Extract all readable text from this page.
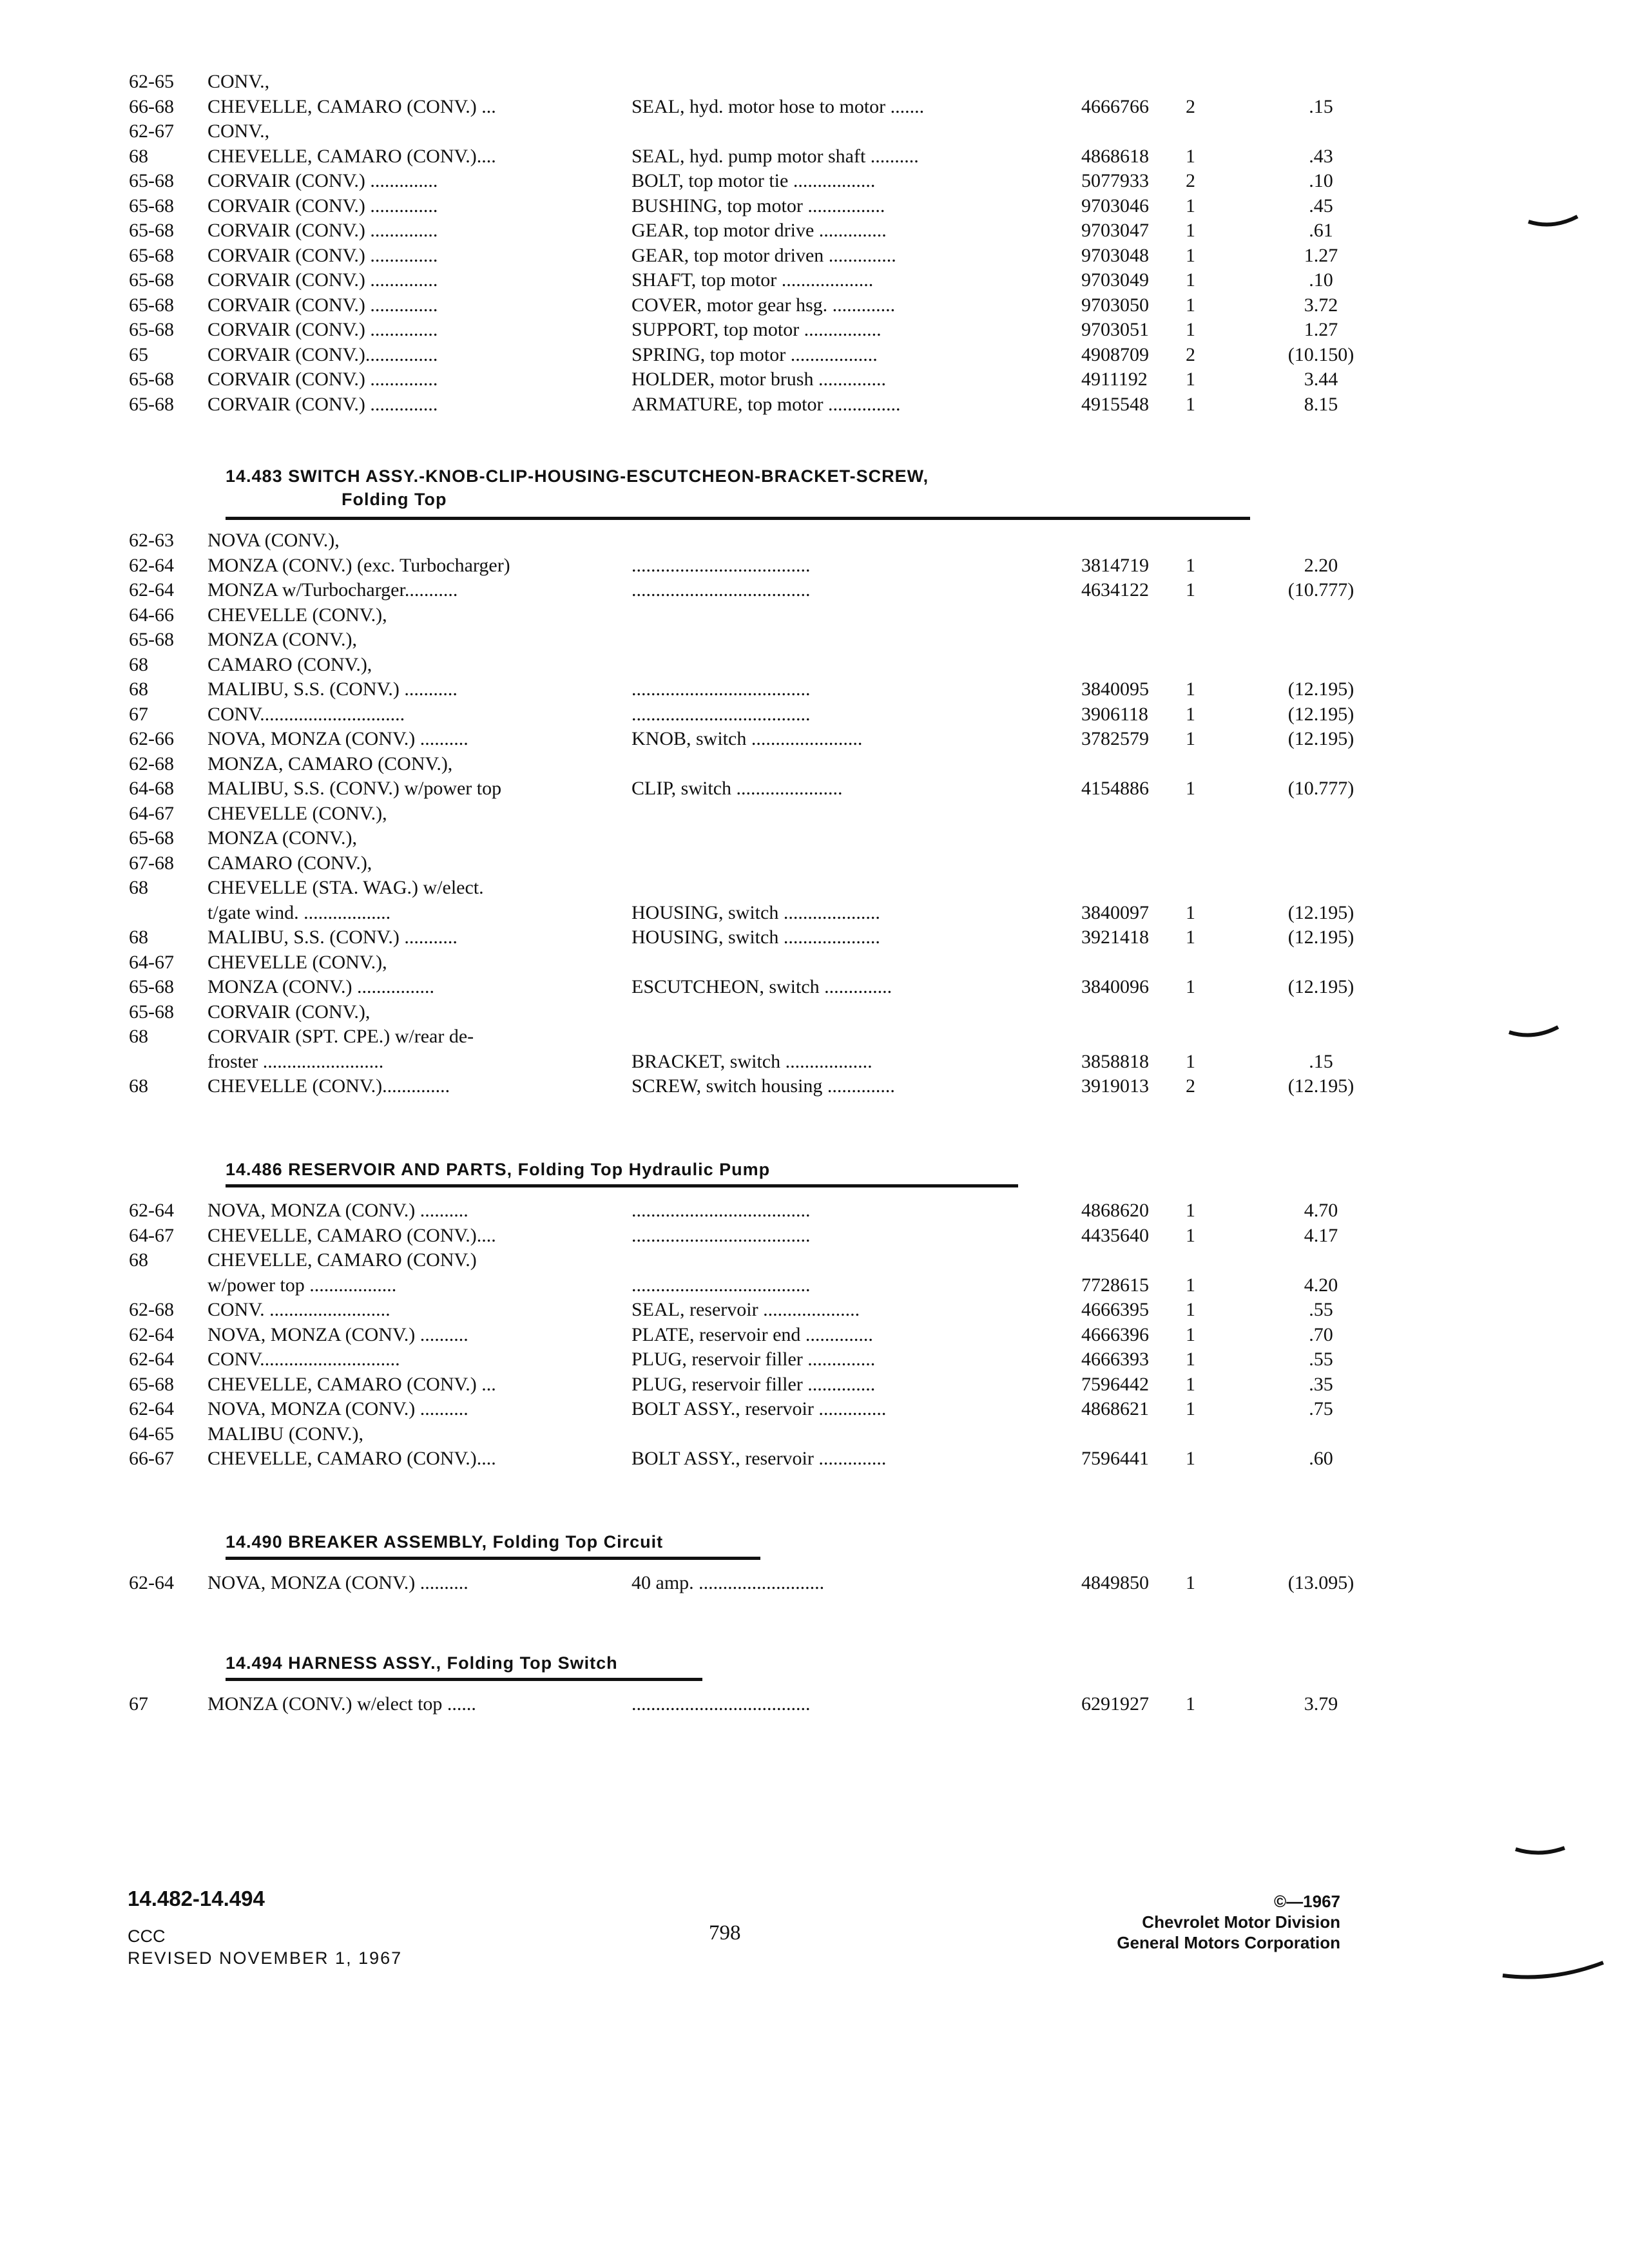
62-65 CONV.,
66-68 CHEVELLE, CAMARO (CONV.) ...	SEAL, hyd. motor hose to motor .......	4666766 2	.15
62-67 CONV.,
68	CHEVELLE, CAMARO (CONV.)....	SEAL, hyd. pump motor shaft ..........	4868618 1	.43
65-68 CORVAIR (CONV.) ..............	BOLT, top motor tie .................	5077933 2	.10
65-68 CORVAIR (CONV.) ..............	BUSHING, top motor ................	9703046 1	.45
65-68 CORVAIR (CONV.) ..............	GEAR, top motor drive ..............	9703047 1	.61
65-68 CORVAIR (CONV.) ..............	GEAR, top motor driven ..............	9703048 1	1.27
65-68 CORVAIR (CONV.) ..............	SHAFT, top motor ...................	9703049 1	.10
65-68 CORVAIR (CONV.) ..............	COVER, motor gear hsg. .............	9703050 1	3.72
65-68 CORVAIR (CONV.) ..............	SUPPORT, top motor ................	9703051 1	1.27
65	CORVAIR (CONV.)...............	SPRING, top motor ..................	4908709 2	(10.150)
65-68 CORVAIR (CONV.) ..............	HOLDER, motor brush ..............	4911192 1	3.44
65-68 CORVAIR (CONV.) ..............	ARMATURE, top motor ...............	4915548 1	8.15
14.483 SWITCH ASSY.-KNOB-CLIP-HOUSING-ESCUTCHEON-BRACKET-SCREW,
Folding Top
62-63 NOVA (CONV.),
62-64 MONZA (CONV.) (exc. Turbocharger)	.....................................	3814719 1	2.20
62-64 MONZA w/Turbocharger...........	.....................................	4634122 1	(10.777)
64-66 CHEVELLE (CONV.),
65-68 MONZA (CONV.),
68	CAMARO (CONV.),
68	MALIBU, S.S. (CONV.) ...........	.....................................	3840095 1	(12.195)
67	CONV..............................	.....................................	3906118 1	(12.195)
62-66 NOVA, MONZA (CONV.) ..........	KNOB, switch .......................	3782579 1	(12.195)
62-68 MONZA, CAMARO (CONV.),
64-68 MALIBU, S.S. (CONV.) w/power top	CLIP, switch ......................	4154886 1	(10.777)
64-67 CHEVELLE (CONV.),
65-68 MONZA (CONV.),
67-68 CAMARO (CONV.),
68	CHEVELLE (STA. WAG.) w/elect.
t/gate wind. ..................	HOUSING, switch ....................	3840097 1	(12.195)
68	MALIBU, S.S. (CONV.) ...........	HOUSING, switch ....................	3921418 1	(12.195)
64-67 CHEVELLE (CONV.),
65-68 MONZA (CONV.) ................	ESCUTCHEON, switch ..............	3840096 1	(12.195)
65-68 CORVAIR (CONV.),
68	CORVAIR (SPT. CPE.) w/rear de-
froster .........................	BRACKET, switch ..................	3858818 1	.15
68	CHEVELLE (CONV.)..............	SCREW, switch housing ..............	3919013 2	(12.195)
14.486 RESERVOIR AND PARTS, Folding Top Hydraulic Pump
62-64 NOVA, MONZA (CONV.) ..........	.....................................	4868620 1	4.70
64-67 CHEVELLE, CAMARO (CONV.)....	.....................................	4435640 1	4.17
68	CHEVELLE, CAMARO (CONV.)
w/power top ..................	.....................................	7728615 1	4.20
62-68 CONV. .........................	SEAL, reservoir ....................	4666395 1	.55
62-64 NOVA, MONZA (CONV.) ..........	PLATE, reservoir end ..............	4666396 1	.70
62-64 CONV.............................	PLUG, reservoir filler ..............	4666393 1	.55
65-68 CHEVELLE, CAMARO (CONV.) ...	PLUG, reservoir filler ..............	7596442 1	.35
62-64 NOVA, MONZA (CONV.) ..........	BOLT ASSY., reservoir ..............	4868621 1	.75
64-65 MALIBU (CONV.),
66-67 CHEVELLE, CAMARO (CONV.)....	BOLT ASSY., reservoir ..............	7596441 1	.60
14.490 BREAKER ASSEMBLY, Folding Top Circuit
62-64 NOVA, MONZA (CONV.) ..........	40 amp. ..........................	4849850 1	(13.095)
14.494 HARNESS ASSY., Folding Top Switch
67	MONZA (CONV.) w/elect top ......	.....................................	6291927 1	3.79
14.482-14.494
CCC
REVISED NOVEMBER 1, 1967
798
©—1967
Chevrolet Motor Division
General Motors Corporation
